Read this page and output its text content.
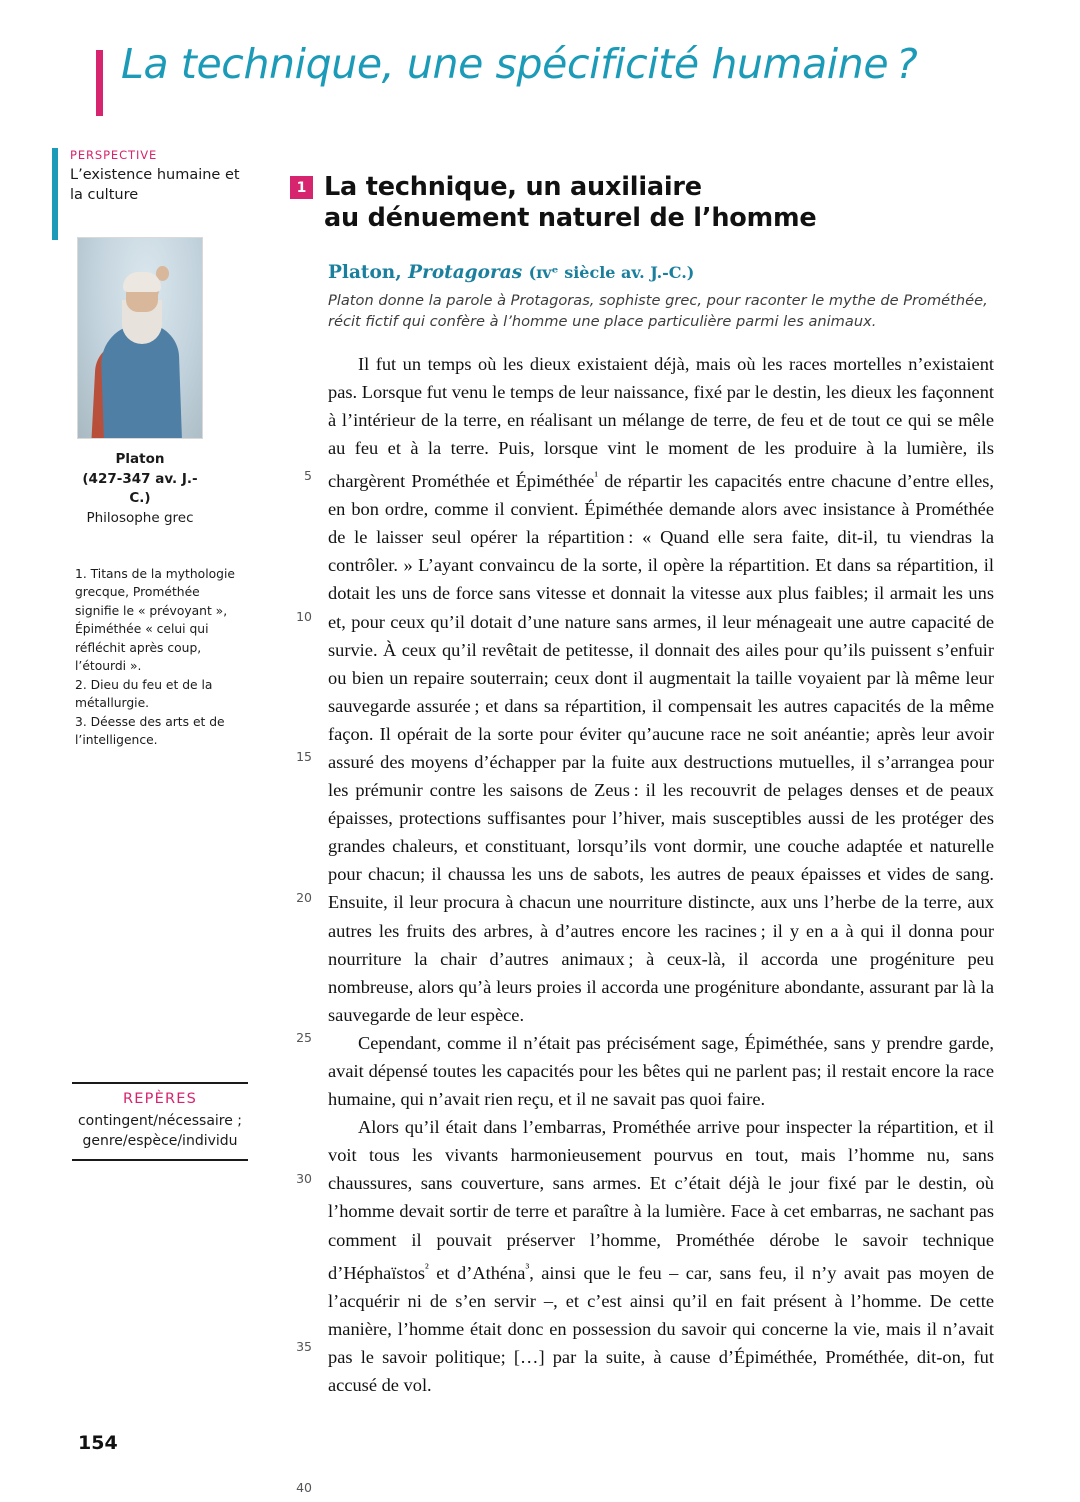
La technique, une spécificité humaine ?
PERSPECTIVE
L’existence humaine et la culture
Platon
(427-347 av. J.-C.)
Philosophe grec

1. Titans de la mythologie grecque, Prométhée signifie le « prévoyant », Épiméthée « celui qui réfléchit après coup, l’étourdi ».

2. Dieu du feu et de la métallurgie.

3. Déesse des arts et de l’intelligence.

REPÈRES
contingent/nécessaire ; genre/espèce/individu
1 La technique, un auxiliaire
au dénuement naturel de l’homme
Platon, Protagoras (ɪᴠᵉ siècle av. J.-C.)
Platon donne la parole à Protagoras, sophiste grec, pour raconter le mythe de Prométhée, récit fictif qui confère à l’homme une place particulière parmi les animaux.
5
10
15
20
25
30
35
40

Il fut un temps où les dieux existaient déjà, mais où les races mortelles n’existaient pas. Lorsque fut venu le temps de leur naissance, fixé par le destin, les dieux les façonnent à l’intérieur de la terre, en réalisant un mélange de terre, de feu et de tout ce qui se mêle au feu et à la terre. Puis, lorsque vint le moment de les produire à la lumière, ils chargèrent Prométhée et Épiméthée$^{^1}$ de répartir les capacités entre chacune d’entre elles, en bon ordre, comme il convient. Épiméthée demande alors avec insistance à Prométhée de le laisser seul opérer la répartition : « Quand elle sera faite, dit-il, tu viendras la contrôler. » L’ayant convaincu de la sorte, il opère la répartition. Et dans sa répartition, il dotait les uns de force sans vitesse et donnait la vitesse aux plus faibles; il armait les uns et, pour ceux qu’il dotait d’une nature sans armes, il leur ménageait une autre capacité de survie. À ceux qu’il revêtait de petitesse, il donnait des ailes pour qu’ils puissent s’enfuir ou bien un repaire souterrain; ceux dont il augmentait la taille voyaient par là même leur sauvegarde assurée ; et dans sa répartition, il compensait les autres capacités de la même façon. Il opérait de la sorte pour éviter qu’aucune race ne soit anéantie; après leur avoir assuré des moyens d’échapper par la fuite aux destructions mutuelles, il s’arrangea pour les prémunir contre les saisons de Zeus : il les recouvrit de pelages denses et de peaux épaisses, protections suffisantes pour l’hiver, mais susceptibles aussi de les protéger des grandes chaleurs, et constituant, lorsqu’ils vont dormir, une couche adaptée et naturelle pour chacun; il chaussa les uns de sabots, les autres de peaux épaisses et vides de sang. Ensuite, il leur procura à chacun une nourriture distincte, aux uns l’herbe de la terre, aux autres les fruits des arbres, à d’autres encore les racines ; il y en a à qui il donna pour nourriture la chair d’autres animaux ; à ceux-là, il accorda une progéniture peu nombreuse, alors qu’à leurs proies il accorda une progéniture abondante, assurant par là la sauvegarde de leur espèce.

Cependant, comme il n’était pas précisément sage, Épiméthée, sans y prendre garde, avait dépensé toutes les capacités pour les bêtes qui ne parlent pas; il restait encore la race humaine, qui n’avait rien reçu, et il ne savait pas quoi faire.

Alors qu’il était dans l’embarras, Prométhée arrive pour inspecter la répartition, et il voit tous les vivants harmonieusement pourvus en tout, mais l’homme nu, sans chaussures, sans couverture, sans armes. Et c’était déjà le jour fixé par le destin, où l’homme devait sortir de terre et paraître à la lumière. Face à cet embarras, ne sachant pas comment il pouvait préserver l’homme, Prométhée dérobe le savoir technique d’Héphaïstos$^{^2}$ et d’Athéna$^{^3}$, ainsi que le feu – car, sans feu, il n’y avait pas moyen de l’acquérir ni de s’en servir –, et c’est ainsi qu’il en fait présent à l’homme. De cette manière, l’homme était donc en possession du savoir qui concerne la vie, mais il n’avait pas le savoir politique; […] par la suite, à cause d’Épiméthée, Prométhée, dit-on, fut accusé de vol.

154
